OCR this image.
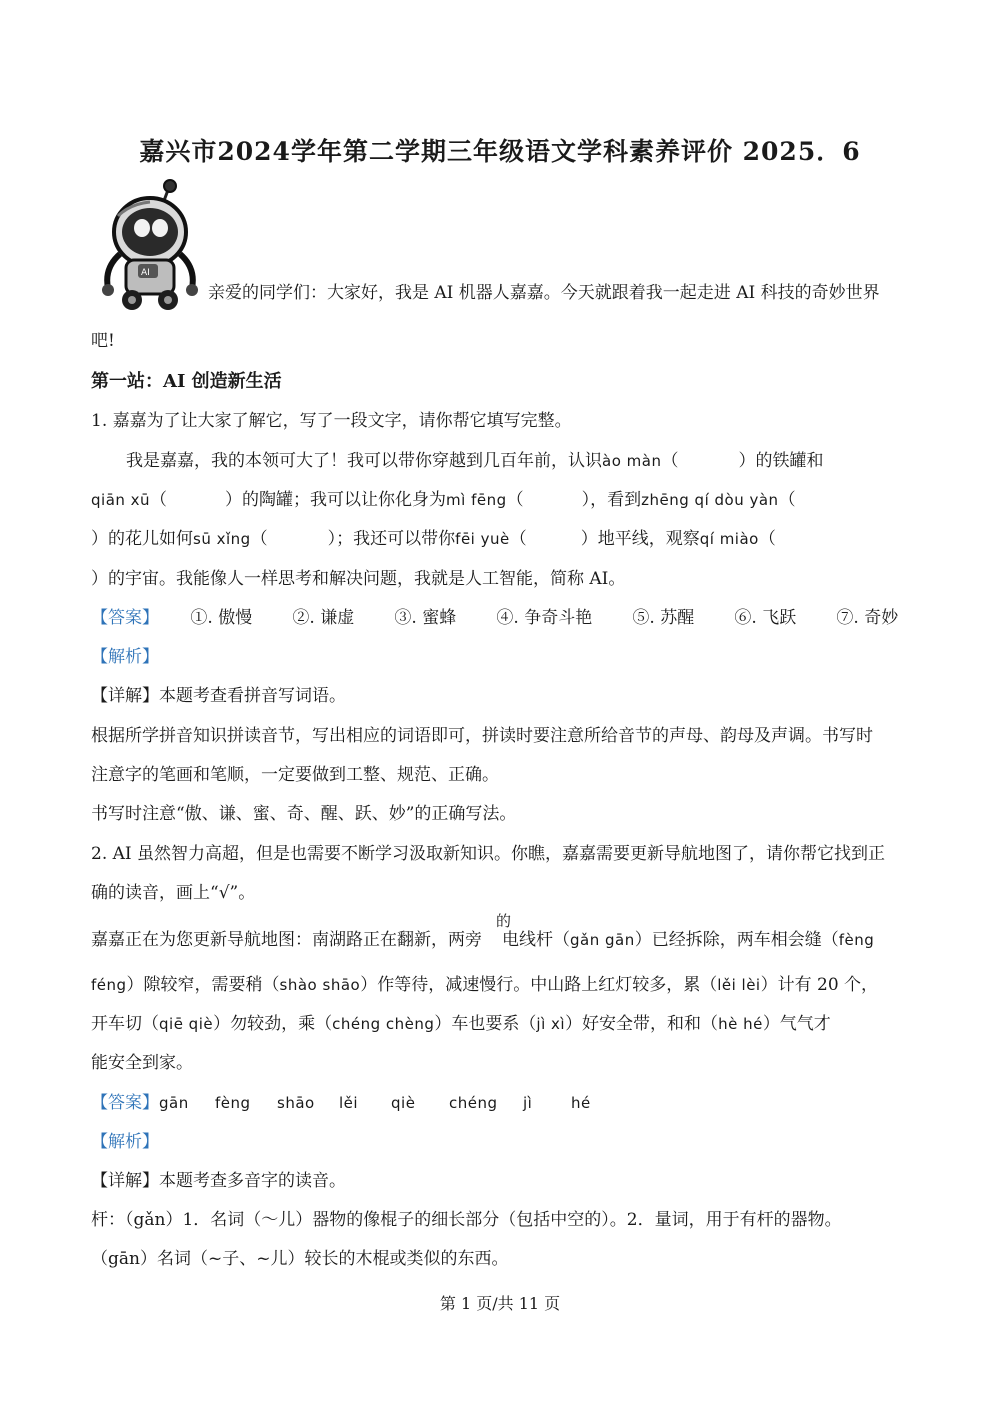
嘉兴市2024学年第二学期三年级语文学科素养评价 2025．6
AI
亲爱的同学们：大家好，我是 AI 机器人嘉嘉。今天就跟着我一起走进 AI 科技的奇妙世界
吧!
第一站：AI 创造新生活
1. 嘉嘉为了让大家了解它，写了一段文字，请你帮它填写完整。
我是嘉嘉，我的本领可大了！我可以带你穿越到几百年前，认识ào màn（	）的铁罐和
qiān xū（	）的陶罐；我可以让你化身为mì fēng（	），看到zhēng qí dòu yàn（
）的花儿如何sū xǐng（	）；我还可以带你fēi yuè（	）地平线，观察qí miào（
）的宇宙。我能像人一样思考和解决问题，我就是人工智能，简称 AI。
【答案】 ①. 傲慢 ②. 谦虚 ③. 蜜蜂 ④. 争奇斗艳 ⑤. 苏醒 ⑥. 飞跃 ⑦. 奇妙
【解析】
【详解】本题考查看拼音写词语。
根据所学拼音知识拼读音节，写出相应的词语即可，拼读时要注意所给音节的声母、韵母及声调。书写时
注意字的笔画和笔顺，一定要做到工整、规范、正确。
书写时注意“傲、谦、蜜、奇、醒、跃、妙”的正确写法。
2. AI 虽然智力高超，但是也需要不断学习汲取新知识。你瞧，嘉嘉需要更新导航地图了，请你帮它找到正
确的读音，画上“√”。
的
嘉嘉正在为您更新导航地图：南湖路正在翻新，两旁 电线杆（gǎn gān）已经拆除，两车相会缝（fèng
féng）隙较窄，需要稍（shào shāo）作等待，减速慢行。中山路上红灯较多，累（lěi lèi）计有 20 个，
开车切（qiē qiè）勿较劲，乘（chéng chèng）车也要系（jì xì）好安全带，和和（hè hé）气气才
能安全到家。
【答案】gān fèng shāo lěi qiè chéng jì	hé
【解析】
【详解】本题考查多音字的读音。
杆：（gǎn）1．名词（～儿）器物的像棍子的细长部分（包括中空的）。2．量词，用于有杆的器物。
（gān）名词（~子、~儿）较长的木棍或类似的东西。
第 1 页/共 11 页
